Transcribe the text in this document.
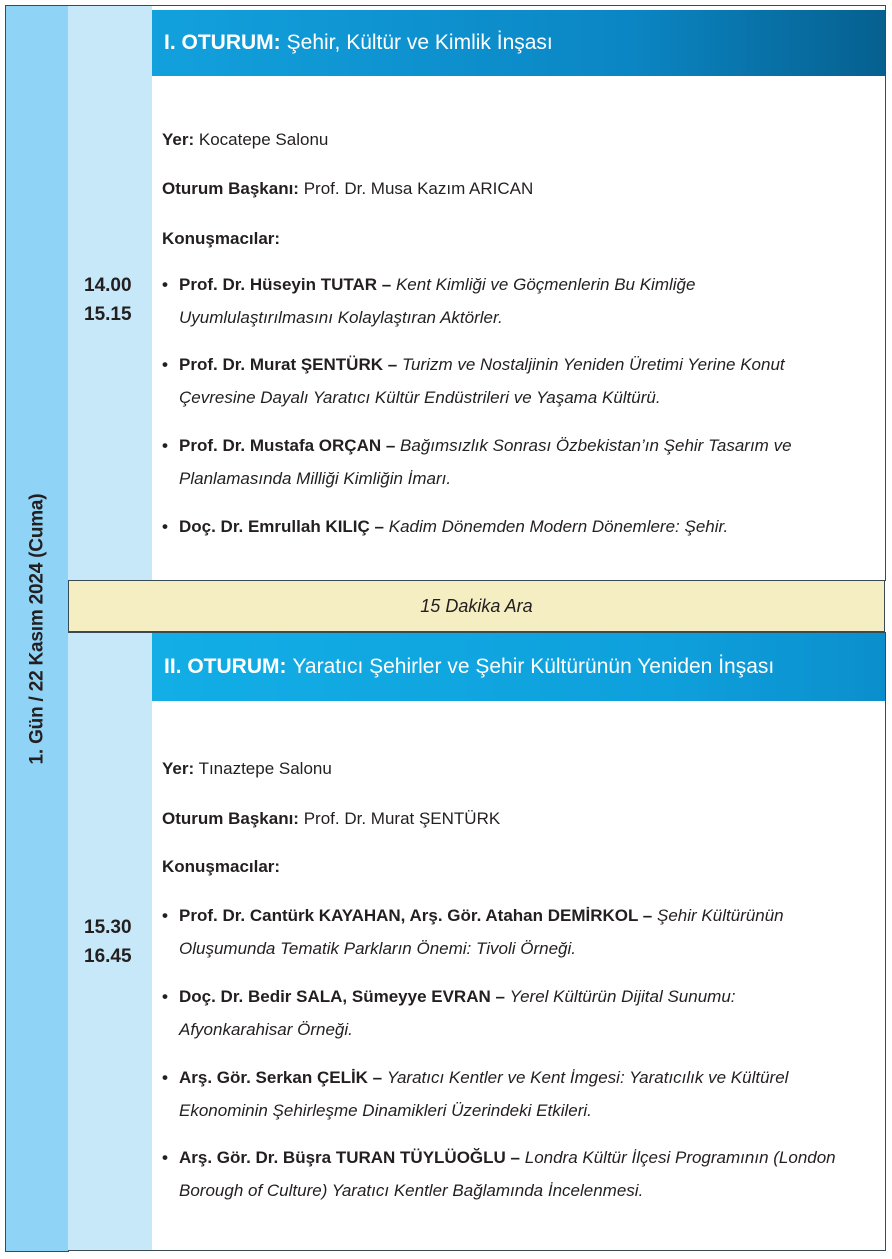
1. Gün / 22 Kasım 2024 (Cuma)
14.00
15.15
I. OTURUM: Şehir, Kültür ve Kimlik İnşası
Yer: Kocatepe Salonu
Oturum Başkanı: Prof. Dr. Musa Kazım ARICAN
Konuşmacılar:
• Prof. Dr. Hüseyin TUTAR – Kent Kimliği ve Göçmenlerin Bu Kimliğe Uyumlulaştırılmasını Kolaylaştıran Aktörler.
• Prof. Dr. Murat ŞENTÜRK – Turizm ve Nostaljinin Yeniden Üretimi Yerine Konut Çevresine Dayalı Yaratıcı Kültür Endüstrileri ve Yaşama Kültürü.
• Prof. Dr. Mustafa ORÇAN – Bağımsızlık Sonrası Özbekistan’ın Şehir Tasarım ve Planlamasında Milliği Kimliğin İmarı.
• Doç. Dr. Emrullah KILIÇ – Kadim Dönemden Modern Dönemlere: Şehir.
15 Dakika Ara
15.30
16.45
II. OTURUM: Yaratıcı Şehirler ve Şehir Kültürünün Yeniden İnşası
Yer: Tınaztepe Salonu
Oturum Başkanı: Prof. Dr. Murat ŞENTÜRK
Konuşmacılar:
• Prof. Dr. Cantürk KAYAHAN, Arş. Gör. Atahan DEMİRKOL – Şehir Kültürünün Oluşumunda Tematik Parkların Önemi: Tivoli Örneği.
• Doç. Dr. Bedir SALA, Sümeyye EVRAN – Yerel Kültürün Dijital Sunumu: Afyonkarahisar Örneği.
• Arş. Gör. Serkan ÇELİK – Yaratıcı Kentler ve Kent İmgesi: Yaratıcılık ve Kültürel Ekonominin Şehirleşme Dinamikleri Üzerindeki Etkileri.
• Arş. Gör. Dr. Büşra TURAN TÜYLÜOĞLU – Londra Kültür İlçesi Programının (London Borough of Culture) Yaratıcı Kentler Bağlamında İncelenmesi.
